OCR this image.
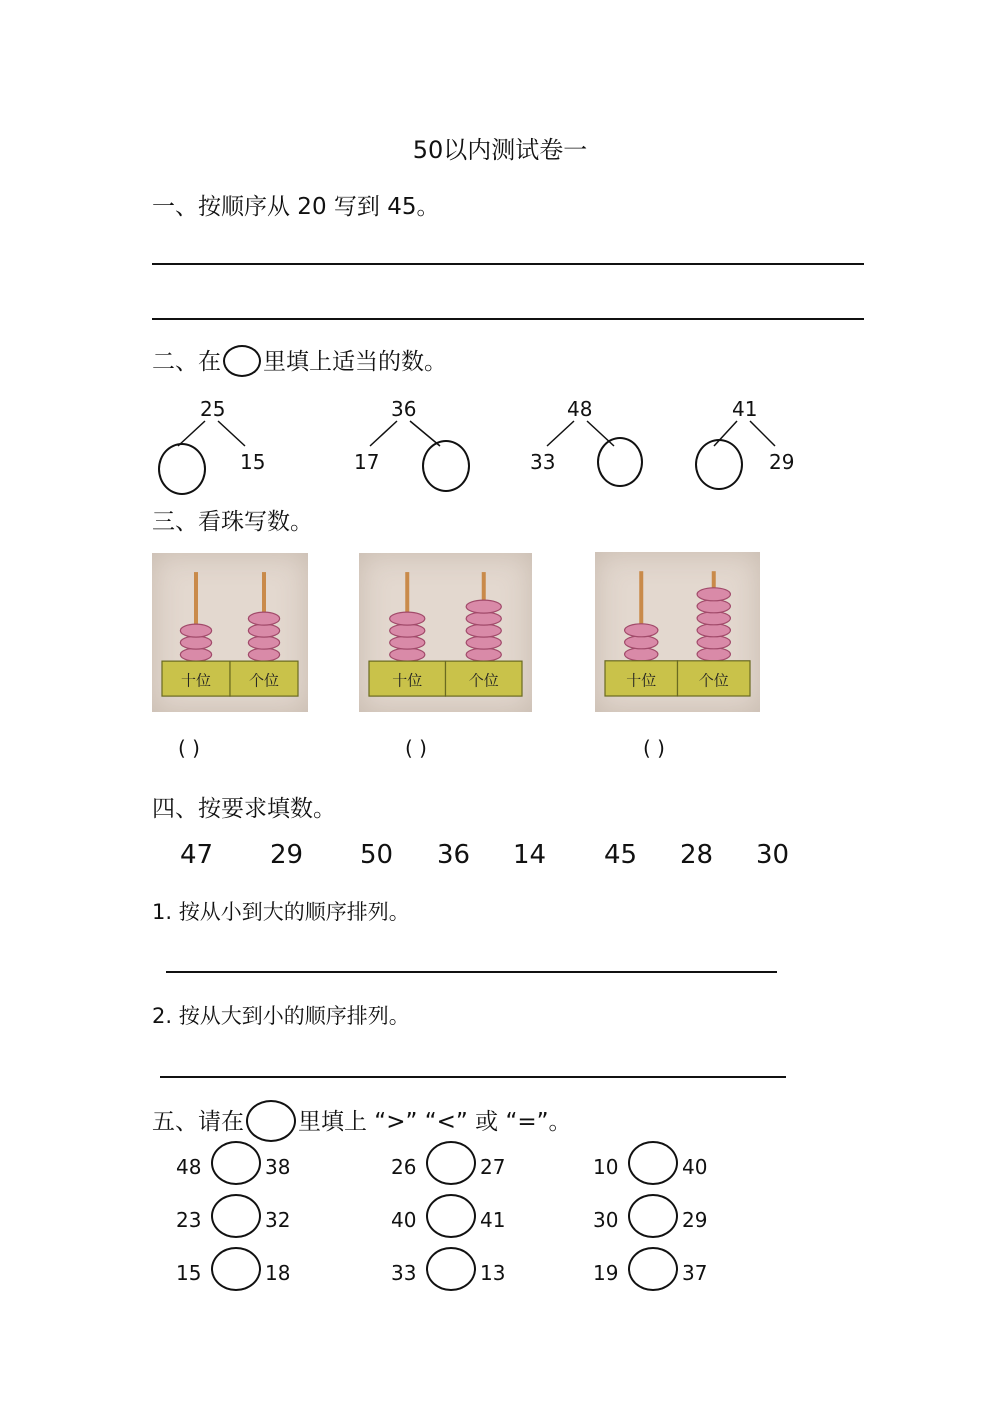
50以内测试卷一
一、按顺序从 20 写到 45。
二、在 里填上适当的数。
25
15
36
17
48
33
41
29
三、看珠写数。
十位	个位	十位	个位	十位	个位
( )	( )	( )
四、按要求填数。
47 29 50 36 14 45 28 30
1. 按从小到大的顺序排列。
2. 按从大到小的顺序排列。
五、请在 里填上 “>” “<” 或 “=”。
48	38	26	27	10	40
23	32	40	41	30	29
15	18	33	13	19	37
